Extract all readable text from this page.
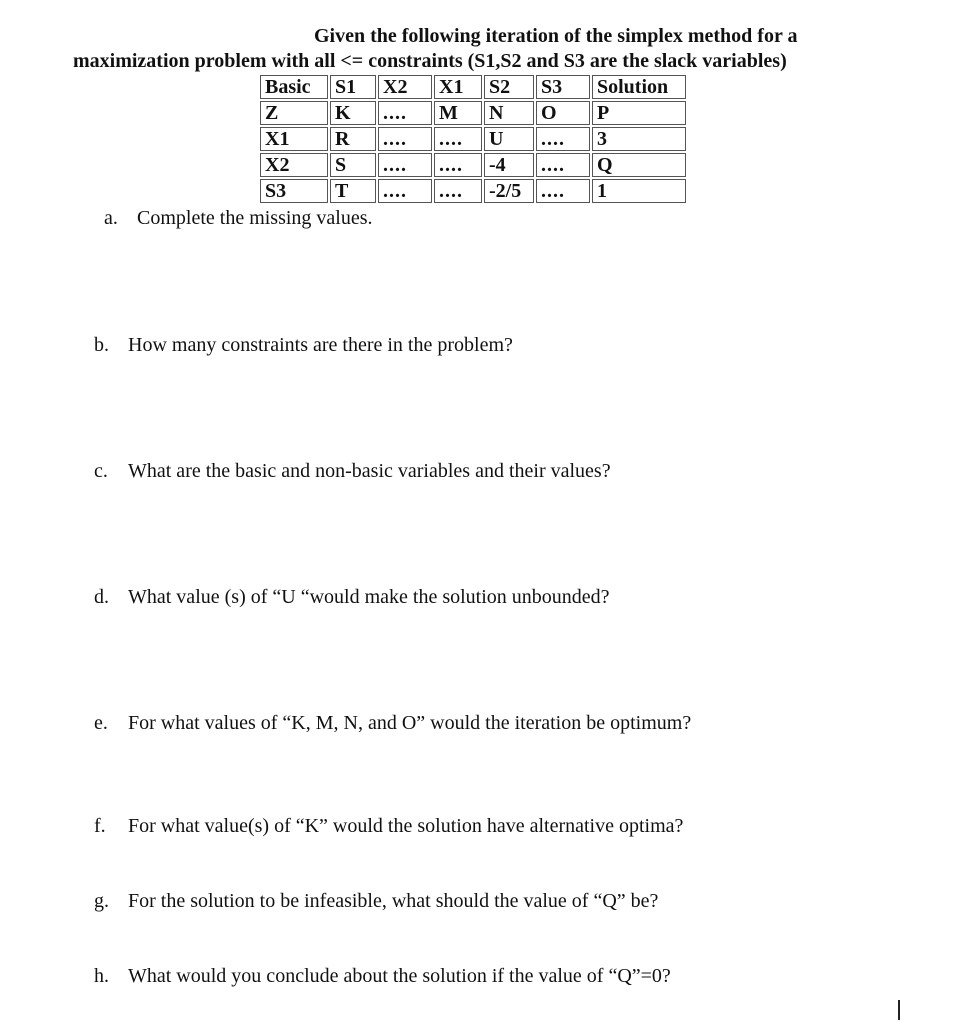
Given the following iteration of the simplex method for a
maximization problem with all <= constraints (S1,S2 and S3 are the slack variables)
Basic	S1	X2	X1	S2	S3	Solution
Z	K	....	M	N	O	P
X1	R	....	....	U	....	3
X2	S	....	....	-4	....	Q
S3	T	....	....	-2/5	....	1
a. Complete the missing values.
b. How many constraints are there in the problem?
c. What are the basic and non-basic variables and their values?
d. What value (s) of “U “would make the solution unbounded?
e. For what values of “K, M, N, and O” would the iteration be optimum?
f. For what value(s) of “K” would the solution have alternative optima?
g. For the solution to be infeasible, what should the value of “Q” be?
h. What would you conclude about the solution if the value of “Q”=0?
